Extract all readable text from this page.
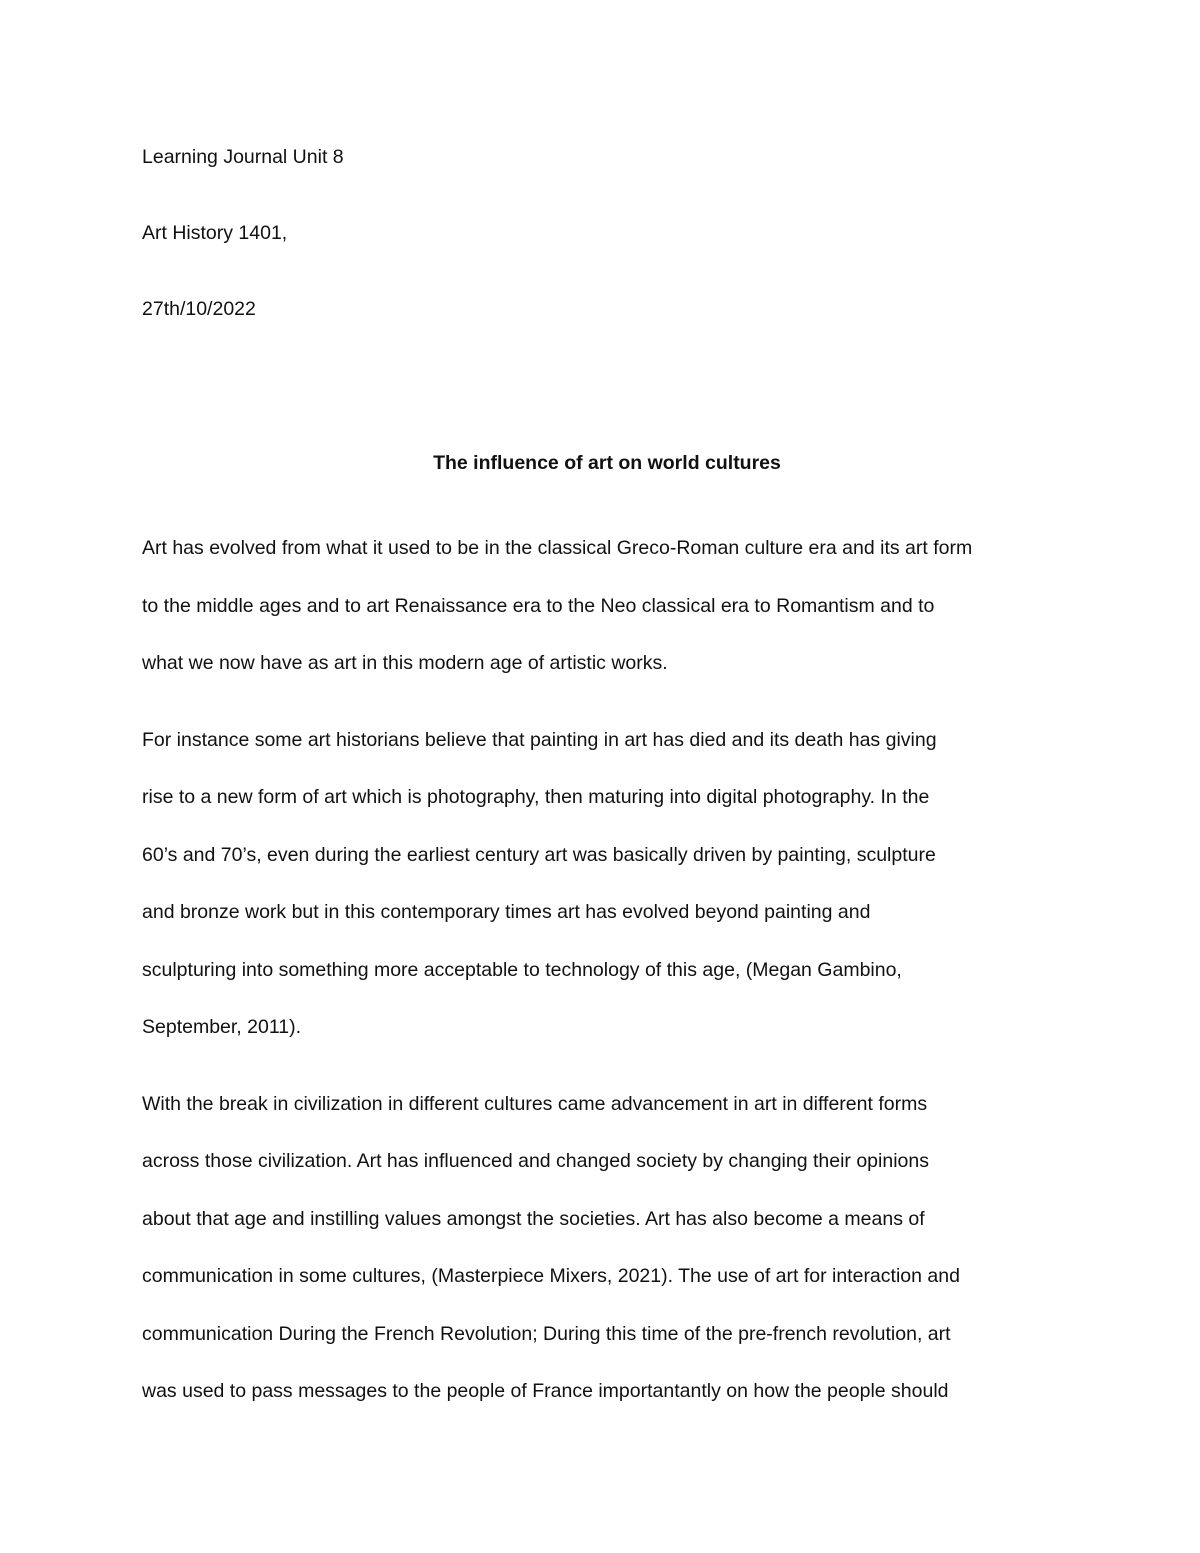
Learning Journal Unit 8
Art History 1401,
27th/10/2022
The influence of art on world cultures
Art has evolved from what it used to be in the classical Greco-Roman culture era and its art form
to the middle ages and to art Renaissance era to the Neo classical era to Romantism and to
what we now have as art in this modern age of artistic works.
For instance some art historians believe that painting in art has died and its death has giving
rise to a new form of art which is photography, then maturing into digital photography. In the
60’s and 70’s, even during the earliest century art was basically driven by painting, sculpture
and bronze work but in this contemporary times art has evolved beyond painting and
sculpturing into something more acceptable to technology of this age, (Megan Gambino,
September, 2011).
With the break in civilization in different cultures came advancement in art in different forms
across those civilization. Art has influenced and changed society by changing their opinions
about that age and instilling values amongst the societies. Art has also become a means of
communication in some cultures, (Masterpiece Mixers, 2021). The use of art for interaction and
communication During the French Revolution; During this time of the pre-french revolution, art
was used to pass messages to the people of France importantantly on how the people should
